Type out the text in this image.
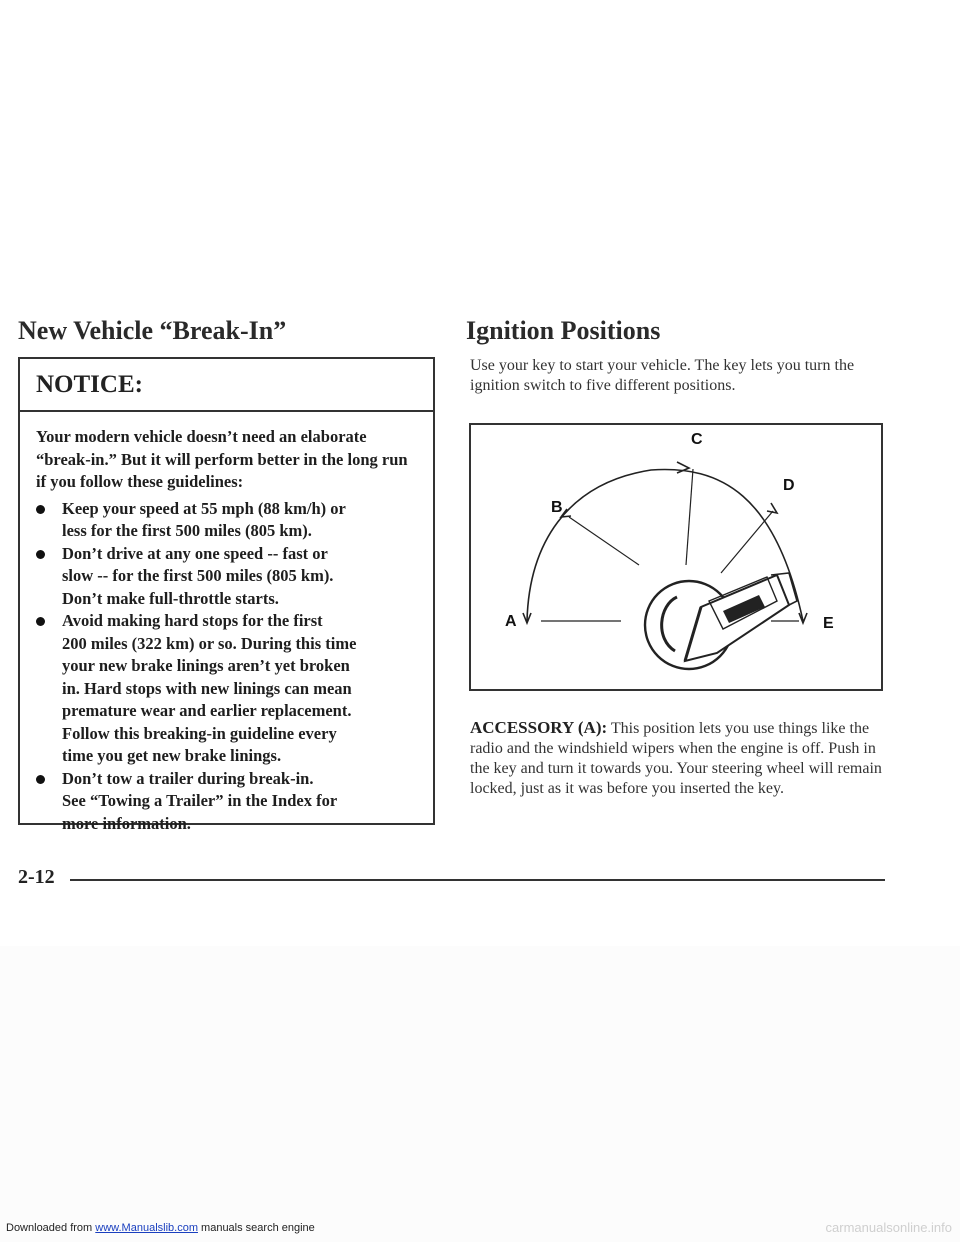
New Vehicle “Break-In”
NOTICE:

Your modern vehicle doesn’t need an elaborate “break-in.” But it will perform better in the long run if you follow these guidelines:

Keep your speed at 55 mph (88 km/h) or
less for the first 500 miles (805 km).
Don’t drive at any one speed -- fast or
slow -- for the first 500 miles (805 km).
Don’t make full-throttle starts.
Avoid making hard stops for the first
200 miles (322 km) or so. During this time
your new brake linings aren’t yet broken
in. Hard stops with new linings can mean
premature wear and earlier replacement.
Follow this breaking-in guideline every
time you get new brake linings.
Don’t tow a trailer during break-in.
See “Towing a Trailer” in the Index for
more information.
Ignition Positions

Use your key to start your vehicle. The key lets you turn the ignition switch to five different positions.

A
B
C
D
E

ACCESSORY (A): This position lets you use things like the radio and the windshield wipers when the engine is off. Push in the key and turn it towards you. Your steering wheel will remain locked, just as it was before you inserted the key.

2-12

Downloaded from www.Manualslib.com manuals search engine	carmanualsonline.info
